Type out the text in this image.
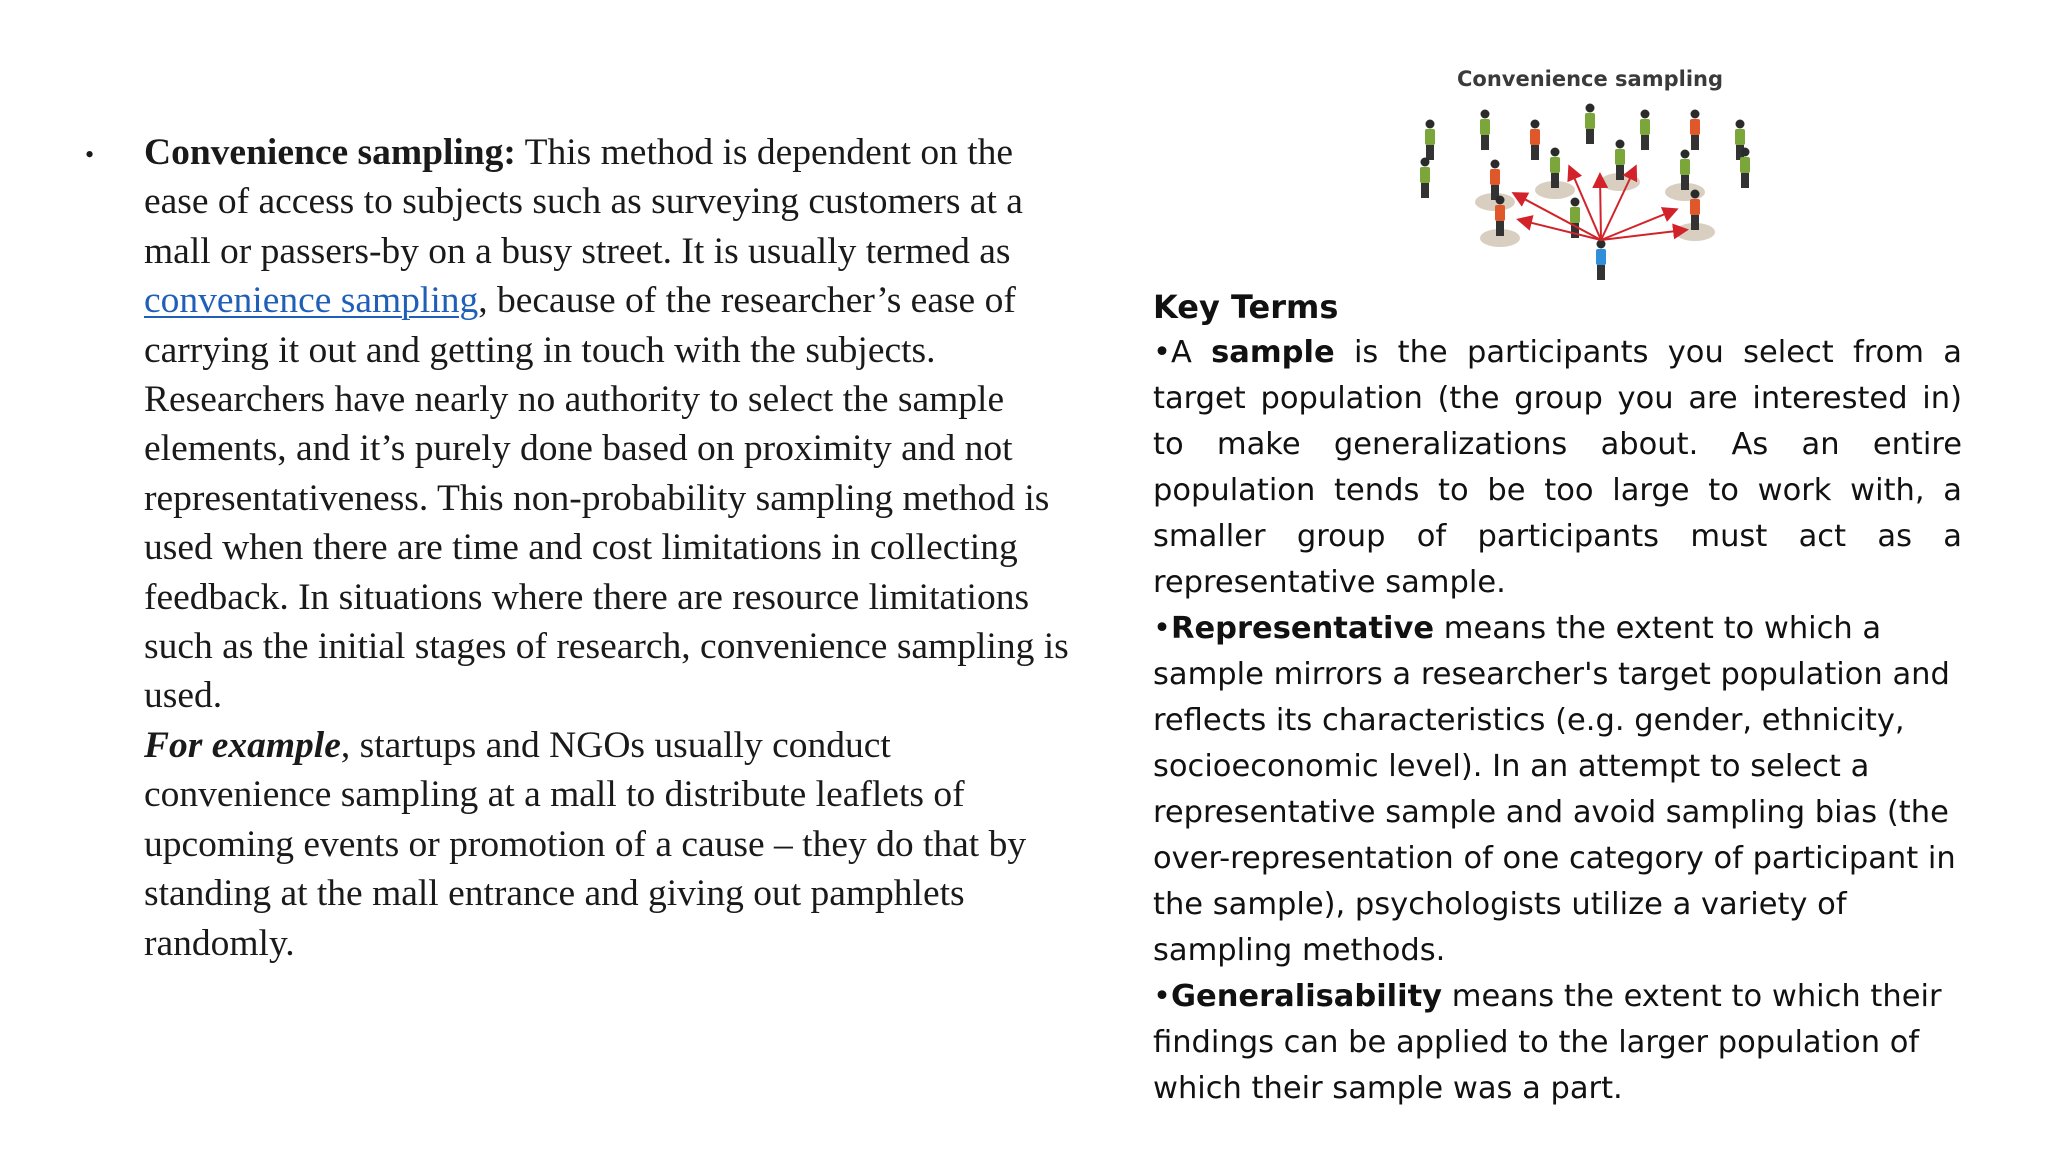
• Convenience sampling: This method is dependent on the ease of access to subjects such as surveying customers at a mall or passers-by on a busy street. It is usually termed as convenience sampling, because of the researcher’s ease of carrying it out and getting in touch with the subjects. Researchers have nearly no authority to select the sample elements, and it’s purely done based on proximity and not representativeness. This non-probability sampling method is used when there are time and cost limitations in collecting feedback. In situations where there are resource limitations such as the initial stages of research, convenience sampling is used.
For example, startups and NGOs usually conduct convenience sampling at a mall to distribute leaflets of upcoming events or promotion of a cause – they do that by standing at the mall entrance and giving out pamphlets randomly.
Convenience sampling
Key Terms
•A sample is the participants you select from a target population (the group you are interested in) to make generalizations about. As an entire population tends to be too large to work with, a smaller group of participants must act as a representative sample.
•Representative means the extent to which a sample mirrors a researcher's target population and reflects its characteristics (e.g. gender, ethnicity, socioeconomic level). In an attempt to select a representative sample and avoid sampling bias (the over-representation of one category of participant in the sample), psychologists utilize a variety of sampling methods.
•Generalisability means the extent to which their findings can be applied to the larger population of which their sample was a part.
